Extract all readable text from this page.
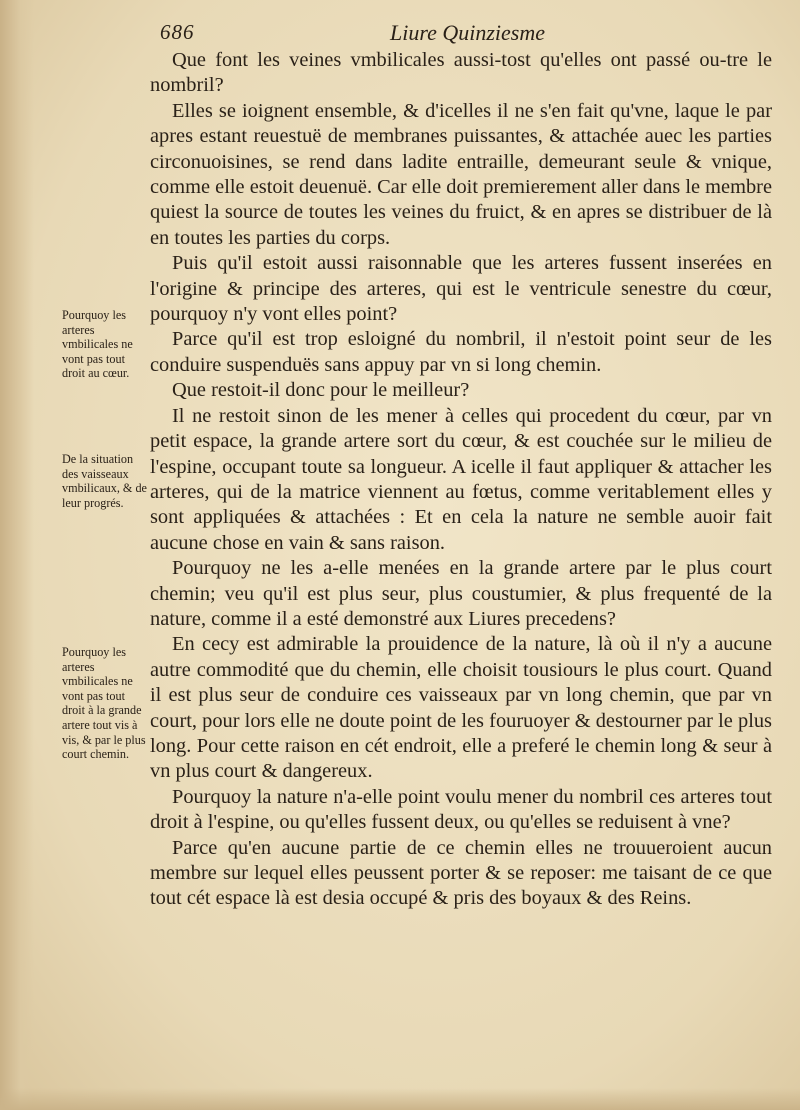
686	Liure Quinziesme

Que font les veines vmbilicales aussi-tost qu'elles ont passé ou-tre le nombril?

Elles se ioignent ensemble, & d'icelles il ne s'en fait qu'vne, laque le par apres estant reuestuë de membranes puissantes, & attachée auec les parties circonuoisines, se rend dans ladite entraille, demeurant seule & vnique, comme elle estoit deuenuë. Car elle doit premierement aller dans le membre quiest la source de toutes les veines du fruict, & en apres se distribuer de là en toutes les parties du corps.

Puis qu'il estoit aussi raisonnable que les arteres fussent inserées en l'origine & principe des arteres, qui est le ventricule senestre du cœur, pourquoy n'y vont elles point?

Parce qu'il est trop esloigné du nombril, il n'estoit point seur de les conduire suspenduës sans appuy par vn si long chemin.

Que restoit-il donc pour le meilleur?

Il ne restoit sinon de les mener à celles qui procedent du cœur, par vn petit espace, la grande artere sort du cœur, & est couchée sur le milieu de l'espine, occupant toute sa longueur. A icelle il faut appliquer & attacher les arteres, qui de la matrice viennent au fœtus, comme veritablement elles y sont appliquées & attachées : Et en cela la nature ne semble auoir fait aucune chose en vain & sans raison.

Pourquoy ne les a-elle menées en la grande artere par le plus court chemin; veu qu'il est plus seur, plus coustumier, & plus frequenté de la nature, comme il a esté demonstré aux Liures precedens?

En cecy est admirable la prouidence de la nature, là où il n'y a aucune autre commodité que du chemin, elle choisit tousiours le plus court. Quand il est plus seur de conduire ces vaisseaux par vn long chemin, que par vn court, pour lors elle ne doute point de les fouruoyer & destourner par le plus long. Pour cette raison en cét endroit, elle a preferé le chemin long & seur à vn plus court & dangereux.

Pourquoy la nature n'a-elle point voulu mener du nombril ces arteres tout droit à l'espine, ou qu'elles fussent deux, ou qu'elles se reduisent à vne?

Parce qu'en aucune partie de ce chemin elles ne trouueroient aucun membre sur lequel elles peussent porter & se reposer: me taisant de ce que tout cét espace là est desia occupé & pris des boyaux & des Reins.

Pourquoy les arteres vmbilicales ne vont pas tout droit au cœur.
De la situation des vaisseaux vmbilicaux, & de leur progrés.
Pourquoy les arteres vmbilicales ne vont pas tout droit à la grande artere tout vis à vis, & par le plus court chemin.
